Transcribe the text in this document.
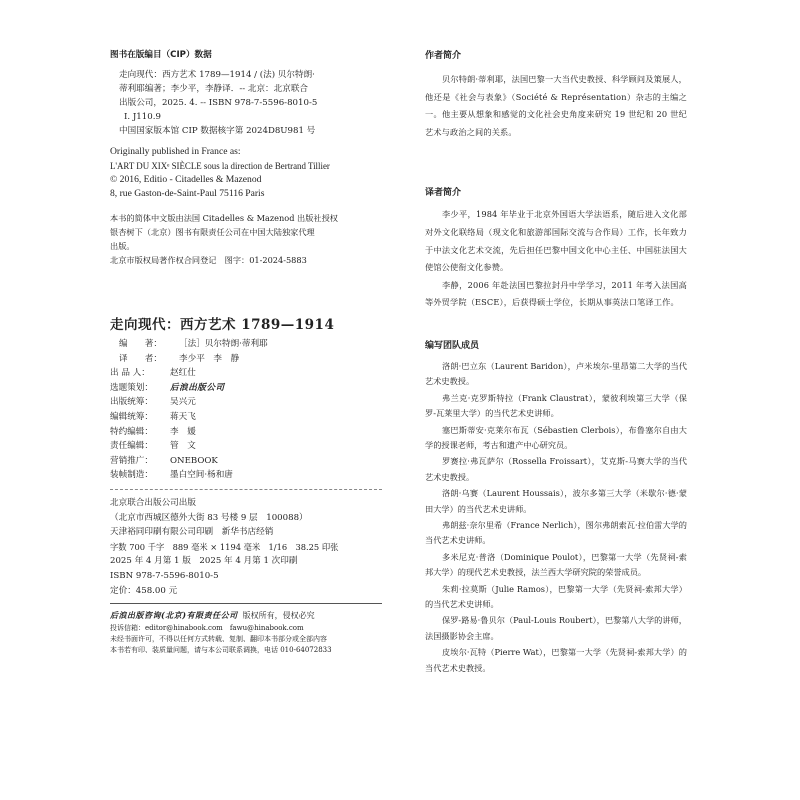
图书在版编目（CIP）数据
走向现代：西方艺术 1789—1914 / (法) 贝尔特朗·
蒂利耶编著；李少平，李静译．-- 北京：北京联合
出版公司，2025. 4. -- ISBN 978-7-5596-8010-5
Ⅰ. J110.9
中国国家版本馆 CIP 数据核字第 2024D8U981 号
Originally published in France as:
L'ART DU XIXᵉ SIÈCLE sous la direction de Bertrand Tillier
© 2016, Editio - Citadelles & Mazenod
8, rue Gaston-de-Saint-Paul 75116 Paris
本书的简体中文版由法国 Citadelles & Mazenod 出版社授权
银杏树下（北京）图书有限责任公司在中国大陆独家代理
出版。
北京市版权局著作权合同登记　图字：01-2024-5883
走向现代：西方艺术 1789—1914
编　　著： ［法］贝尔特朗·蒂利耶
译　　者： 李少平　李　静
出 品 人： 赵红仕
选题策划： 后浪出版公司
出版统筹： 吴兴元
编辑统筹： 蒋天飞
特约编辑： 李　媛
责任编辑： 管　文
营销推广： ONEBOOK
装帧制造： 墨白空间·杨和唐
北京联合出版公司出版
（北京市西城区德外大街 83 号楼 9 层　100088）
天津裕同印刷有限公司印刷　新华书店经销
字数 700 千字　889 毫米 × 1194 毫米　1/16　38.25 印张
2025 年 4 月第 1 版　2025 年 4 月第 1 次印刷
ISBN 978-7-5596-8010-5
定价：458.00 元
后浪出版咨询(北京)有限责任公司 版权所有，侵权必究
投诉信箱：editor@hinabook.com　fawu@hinabook.com
未经书面许可，不得以任何方式转载、复制、翻印本书部分或全部内容
本书若有印、装质量问题，请与本公司联系调换，电话 010-64072833
作者简介

贝尔特朗·蒂利耶，法国巴黎一大当代史教授、科学顾问及策展人，他还是《社会与表象》（Société & Représentation）杂志的主编之一。他主要从想象和感觉的文化社会史角度来研究 19 世纪和 20 世纪艺术与政治之间的关系。

译者简介

李少平，1984 年毕业于北京外国语大学法语系，随后进入文化部对外文化联络局（现文化和旅游部国际交流与合作局）工作，长年致力于中法文化艺术交流，先后担任巴黎中国文化中心主任、中国驻法国大使馆公使衔文化参赞。

李静，2006 年赴法国巴黎拉封丹中学学习，2011 年考入法国高等外贸学院（ESCE），后获得硕士学位，长期从事英法口笔译工作。

编写团队成员

洛朗·巴立东（Laurent Baridon），卢米埃尔-里昂第二大学的当代艺术史教授。

弗兰克·克罗斯特拉（Frank Claustrat），蒙彼利埃第三大学（保罗-瓦莱里大学）的当代艺术史讲师。

塞巴斯蒂安·克莱尔布瓦（Sébastien Clerbois），布鲁塞尔自由大学的授课老师，考古和遗产中心研究员。

罗赛拉·弗瓦萨尔（Rossella Froissart），艾克斯-马赛大学的当代艺术史教授。

洛朗·乌赛（Laurent Houssais），波尔多第三大学（米歇尔·德·蒙田大学）的当代艺术史讲师。

弗朗兹·奈尔里希（France Nerlich），图尔弗朗索瓦·拉伯雷大学的当代艺术史讲师。

多米尼克·普洛（Dominique Poulot），巴黎第一大学（先贤祠-索邦大学）的现代艺术史教授，法兰西大学研究院的荣誉成员。

朱莉·拉莫斯（Julie Ramos），巴黎第一大学（先贤祠-索邦大学）的当代艺术史讲师。

保罗-路易·鲁贝尔（Paul-Louis Roubert），巴黎第八大学的讲师，法国摄影协会主席。

皮埃尔·瓦特（Pierre Wat），巴黎第一大学（先贤祠-索邦大学）的当代艺术史教授。
